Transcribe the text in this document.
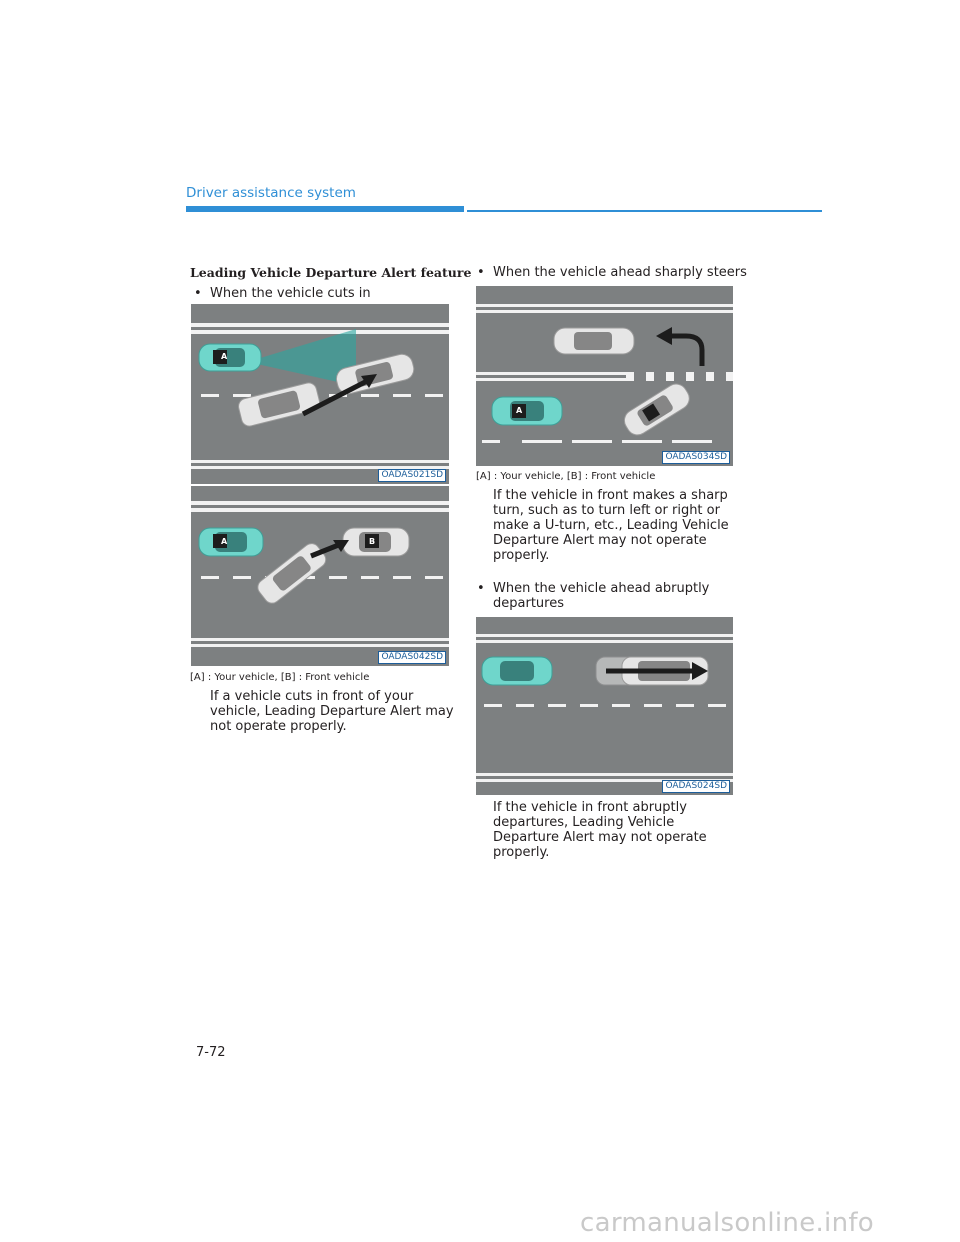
Driver assistance system
Leading Vehicle Departure Alert feature
• When the vehicle cuts in
A
OADAS021SD
A	B
OADAS042SD
[A] : Your vehicle, [B] : Front vehicle
If a vehicle cuts in front of your vehicle, Leading Departure Alert may not operate properly.
• When the vehicle ahead sharply steers
A
OADAS034SD
[A] : Your vehicle, [B] : Front vehicle
If the vehicle in front makes a sharp turn, such as to turn left or right or make a U-turn, etc., Leading Vehicle Departure Alert may not operate properly.
• When the vehicle ahead abruptly departures
OADAS024SD
If the vehicle in front abruptly departures, Leading Vehicle Departure Alert may not operate properly.
7-72
carmanualsonline.info
